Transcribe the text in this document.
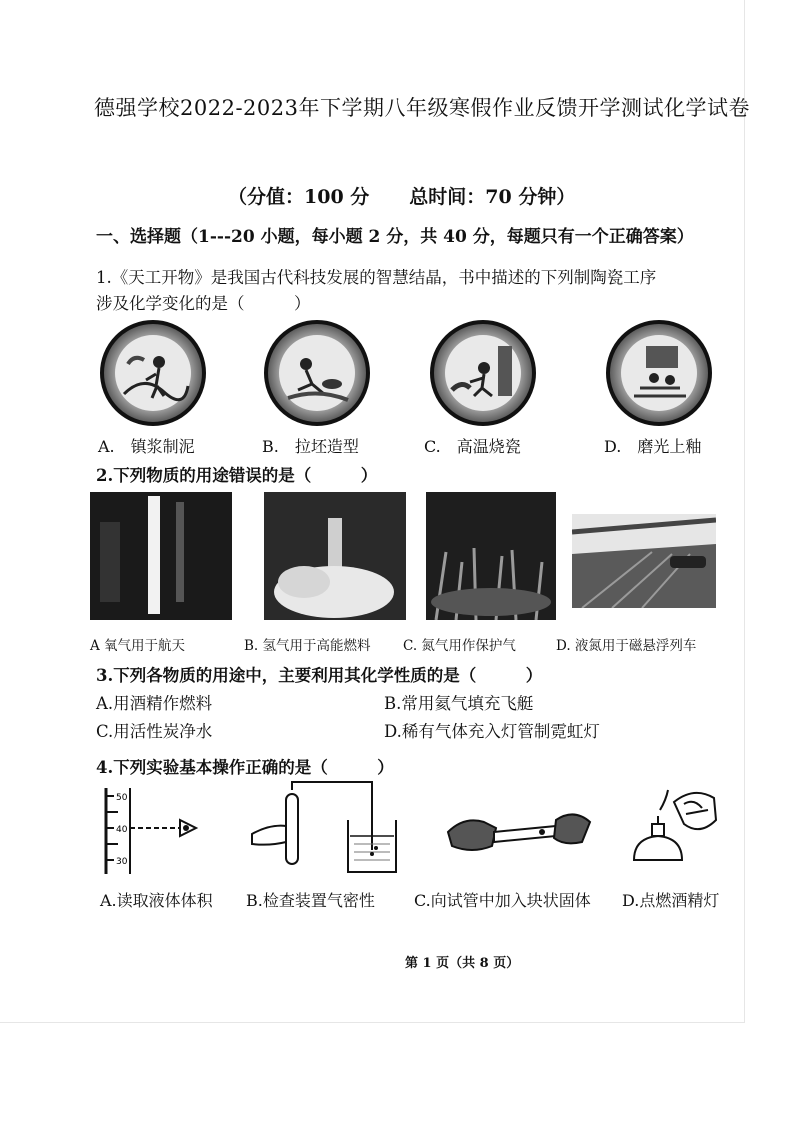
德强学校2022-2023年下学期八年级寒假作业反馈开学测试化学试卷
（分值：100 分 总时间：70 分钟）
一、选择题（1---20 小题，每小题 2 分，共 40 分，每题只有一个正确答案）
1.《天工开物》是我国古代科技发展的智慧结晶，书中描述的下列制陶瓷工序
涉及化学变化的是（　　　）
A.　镇浆制泥	B.　拉坯造型	C.　高温烧瓷	D.　磨光上釉
2.下列物质的用途错误的是（　　　）
A 氧气用于航天	B. 氢气用于高能燃料 C. 氮气用作保护气	D. 液氮用于磁悬浮列车
3.下列各物质的用途中，主要利用其化学性质的是（　　　）
A.用酒精作燃料	B.常用氦气填充飞艇
C.用活性炭净水	D.稀有气体充入灯管制霓虹灯
4.下列实验基本操作正确的是（　　　）
50
40
30
A.读取液体体积 B.检查装置气密性 C.向试管中加入块状固体 D.点燃酒精灯
第 1 页（共 8 页）
